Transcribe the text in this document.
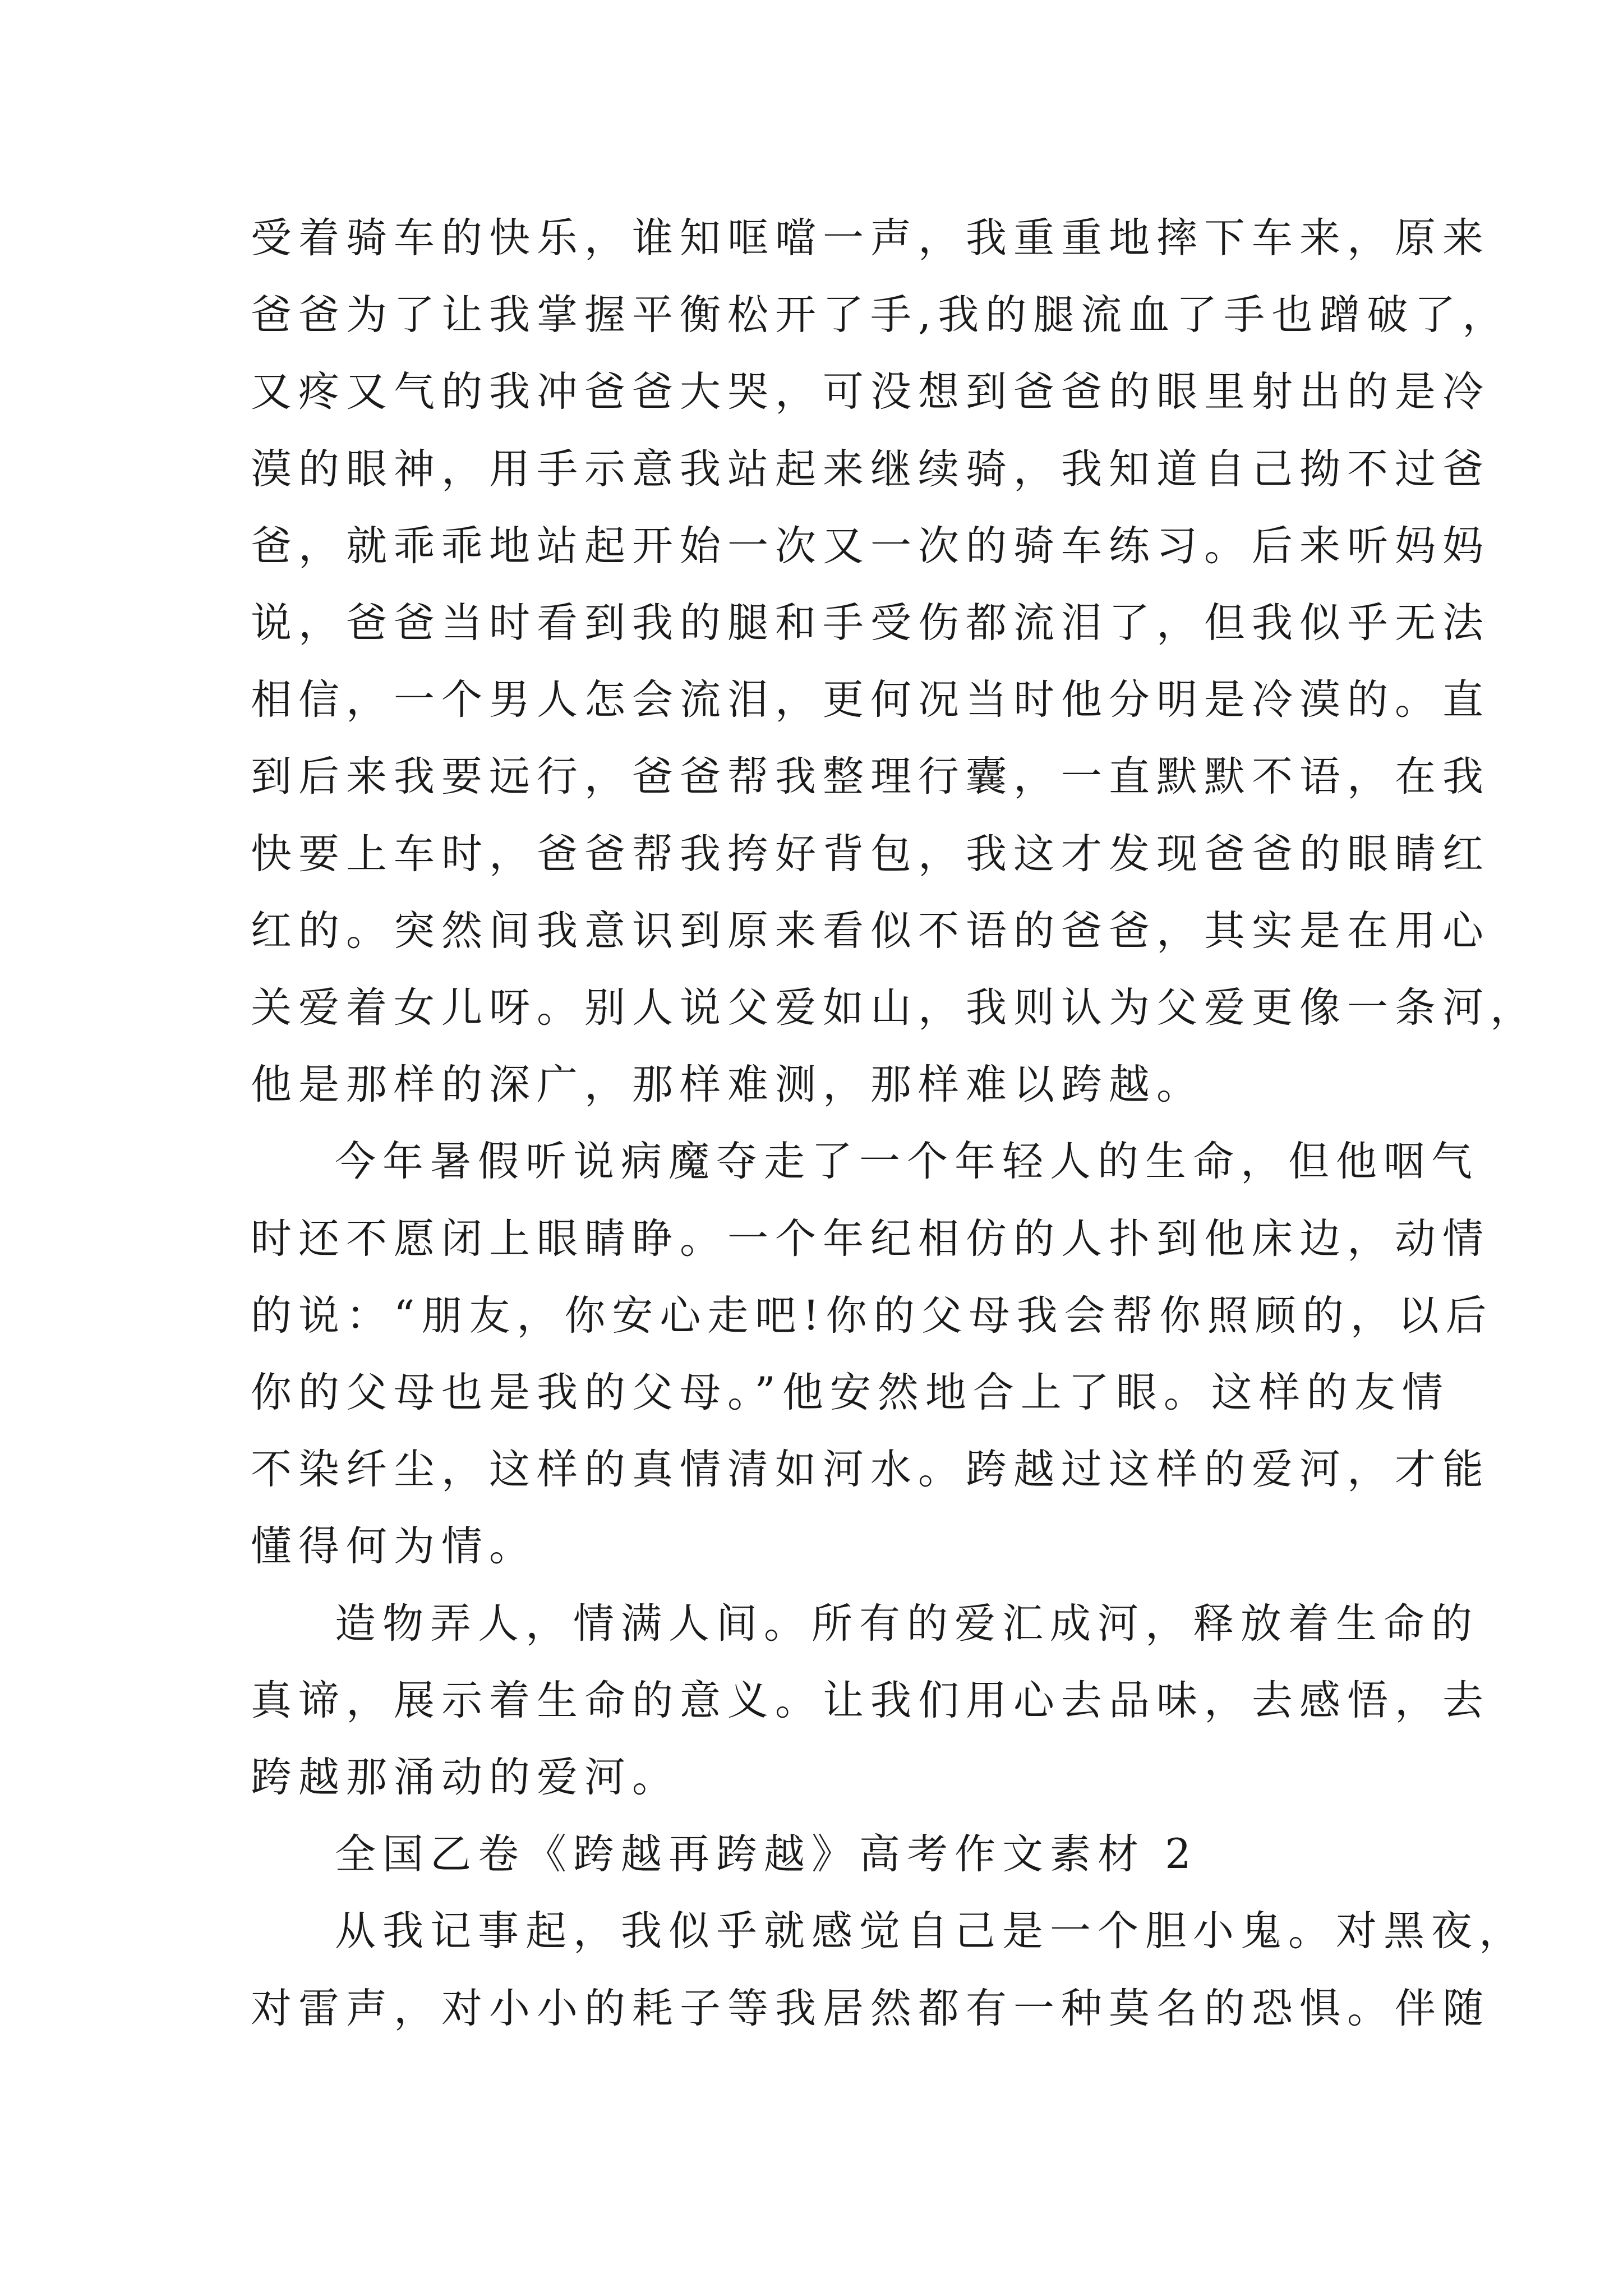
受着骑车的快乐，谁知哐噹一声，我重重地摔下车来，原来
爸爸为了让我掌握平衡松开了手,我的腿流血了手也蹭破了，
又疼又气的我冲爸爸大哭，可没想到爸爸的眼里射出的是冷
漠的眼神，用手示意我站起来继续骑，我知道自己拗不过爸
爸，就乖乖地站起开始一次又一次的骑车练习。后来听妈妈
说，爸爸当时看到我的腿和手受伤都流泪了，但我似乎无法
相信，一个男人怎会流泪，更何况当时他分明是冷漠的。直
到后来我要远行，爸爸帮我整理行囊，一直默默不语，在我
快要上车时，爸爸帮我挎好背包，我这才发现爸爸的眼睛红
红的。突然间我意识到原来看似不语的爸爸，其实是在用心
关爱着女儿呀。别人说父爱如山，我则认为父爱更像一条河，
他是那样的深广，那样难测，那样难以跨越。
今年暑假听说病魔夺走了一个年轻人的生命，但他咽气
时还不愿闭上眼睛睁。一个年纪相仿的人扑到他床边，动情
的说：“朋友，你安心走吧!你的父母我会帮你照顾的，以后
你的父母也是我的父母。”他安然地合上了眼。这样的友情
不染纤尘，这样的真情清如河水。跨越过这样的爱河，才能
懂得何为情。
造物弄人，情满人间。所有的爱汇成河，释放着生命的
真谛，展示着生命的意义。让我们用心去品味，去感悟，去
跨越那涌动的爱河。
全国乙卷《跨越再跨越》高考作文素材 2
从我记事起，我似乎就感觉自己是一个胆小鬼。对黑夜，
对雷声，对小小的耗子等我居然都有一种莫名的恐惧。伴随
